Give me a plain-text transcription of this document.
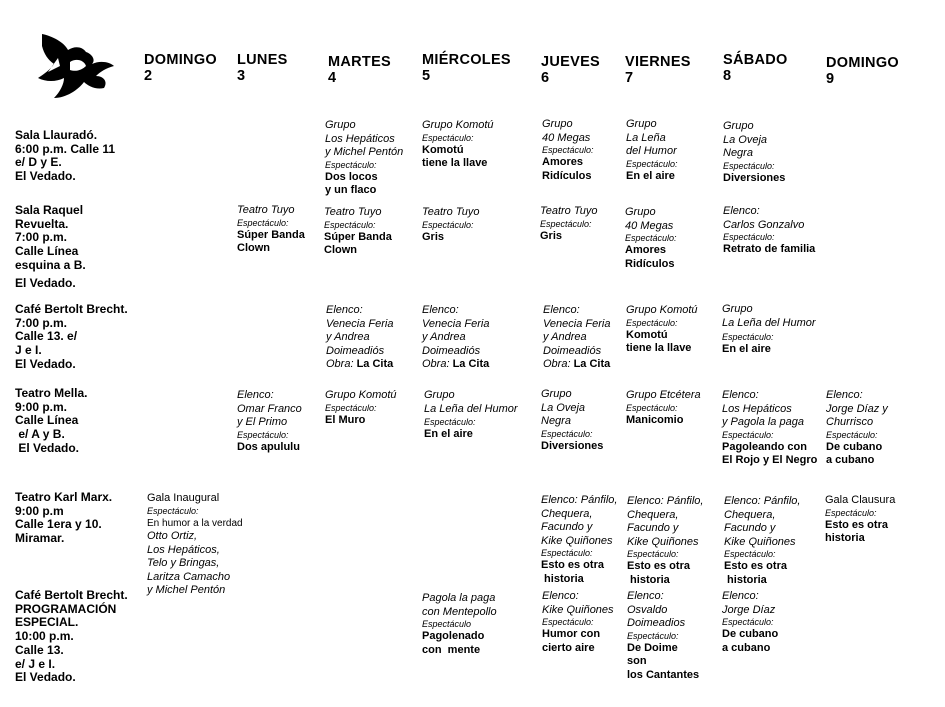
DOMINGO
2
LUNES
3
MARTES
4
MIÉRCOLES
5
JUEVES
6
VIERNES
7
SÁBADO
8
DOMINGO
9
Sala Llauradó.
6:00 p.m. Calle 11
e/ D y E.
El Vedado.
Sala Raquel
Revuelta.
7:00 p.m.
Calle Línea
esquina a B.
El Vedado.
Café Bertolt Brecht.
7:00 p.m.
Calle 13. e/
J e I.
El Vedado.
Teatro Mella.
9:00 p.m.
Calle Línea
e/ A y B.
El Vedado.
Teatro Karl Marx.
9:00 p.m
Calle 1era y 10.
Miramar.
Café Bertolt Brecht.
PROGRAMACIÓN
ESPECIAL.
10:00 p.m.
Calle 13.
e/ J e I.
El Vedado.
Grupo
Los Hepáticos
y Michel Pentón
Espectáculo:
Dos locos
y un flaco
Grupo Komotú
Espectáculo:
Komotú
tiene la llave
Grupo
40 Megas
Espectáculo:
Amores
Ridículos
Grupo
La Leña
del Humor
Espectáculo:
En el aire
Grupo
La Oveja
Negra
Espectáculo:
Diversiones
Teatro Tuyo
Espectáculo:
Súper Banda
Clown
Teatro Tuyo
Espectáculo:
Súper Banda
Clown
Teatro Tuyo
Espectáculo:
Gris
Teatro Tuyo
Espectáculo:
Gris
Grupo
40 Megas
Espectáculo:
Amores
Ridículos
Elenco:
Carlos Gonzalvo
Espectáculo:
Retrato de familia
Elenco:
Venecia Feria
y Andrea
Doimeadiós
Obra: La Cita
Elenco:
Venecia Feria
y Andrea
Doimeadiós
Obra: La Cita
Elenco:
Venecia Feria
y Andrea
Doimeadiós
Obra: La Cita
Grupo Komotú
Espectáculo:
Komotú
tiene la llave
Grupo
La Leña del Humor
Espectáculo:
En el aire
Elenco:
Omar Franco
y El Primo
Espectáculo:
Dos apululu
Grupo Komotú
Espectáculo:
El Muro
Grupo
La Leña del Humor
Espectáculo:
En el aire
Grupo
La Oveja
Negra
Espectáculo:
Diversiones
Grupo Etcétera
Espectáculo:
Manicomio
Elenco:
Los Hepáticos
y Pagola la paga
Espectáculo:
Pagoleando con
El Rojo y El Negro
Elenco:
Jorge Díaz y
Churrisco
Espectáculo:
De cubano
a cubano
Gala Inaugural
Espectáculo:
En humor a la verdad
Otto Ortiz,
Los Hepáticos,
Telo y Bringas,
Laritza Camacho
y Michel Pentón
Elenco: Pánfilo,
Chequera,
Facundo y
Kike Quiñones
Espectáculo:
Esto es otra
historia
Elenco: Pánfilo,
Chequera,
Facundo y
Kike Quiñones
Espectáculo:
Esto es otra
historia
Elenco: Pánfilo,
Chequera,
Facundo y
Kike Quiñones
Espectáculo:
Esto es otra
historia
Gala Clausura
Espectáculo:
Esto es otra
historia
Pagola la paga
con Mentepollo
Espectáculo
Pagolenado
con  mente
Elenco:
Kike Quiñones
Espectáculo:
Humor con
cierto aire
Elenco:
Osvaldo
Doimeadios
Espectáculo:
De Doime
son
los Cantantes
Elenco:
Jorge Díaz
Espectáculo:
De cubano
a cubano
